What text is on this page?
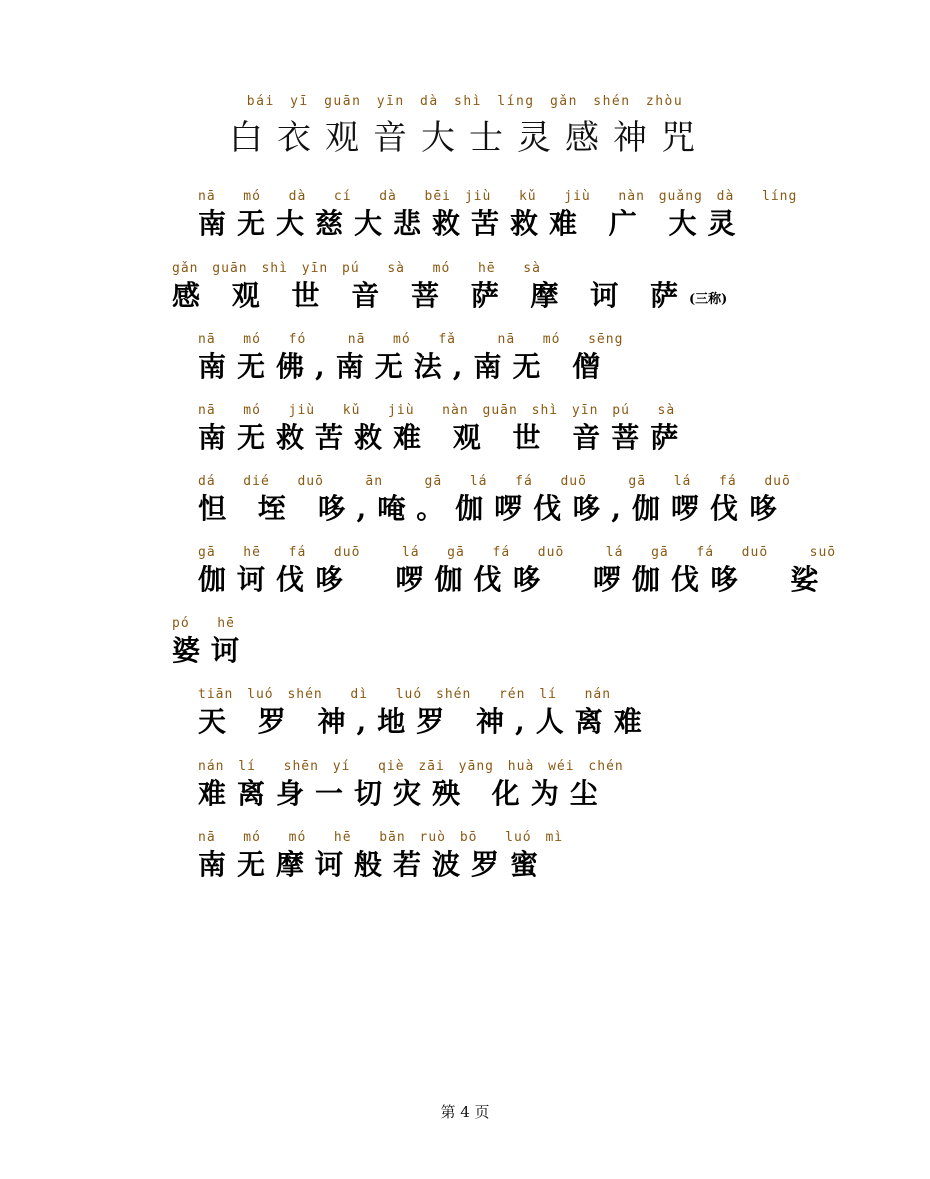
bái yī guān yīn dà shì líng gǎn shén zhòu
白衣观音大士灵感神咒
nā  mó  dà  cí  dà  bēi jiù  kǔ  jiù  nàn guǎng dà  líng
南无大慈大悲救苦救难 广 大灵
gǎn guān shì yīn pú  sà  mó  hē  sà
感 观 世 音 菩 萨 摩 诃 萨(三称)
nā  mó  fó   nā  mó  fǎ   nā  mó  sēng
南无佛,南无法,南无 僧
nā  mó  jiù  kǔ  jiù  nàn guān shì yīn pú  sà
南无救苦救难 观 世 音菩萨
dá  dié  duō   ān   gā  lá  fá  duō   gā  lá  fá  duō
怛 垤 哆,唵。伽啰伐哆,伽啰伐哆
gā  hē  fá  duō   lá  gā  fá  duō   lá  gā  fá  duō   suō
伽诃伐哆  啰伽伐哆  啰伽伐哆  娑
pó  hē
婆诃
tiān luó shén  dì  luó shén  rén lí  nán
天 罗 神,地罗 神,人离难
nán lí  shēn yí  qiè zāi yāng huà wéi chén
难离身一切灾殃 化为尘
nā  mó  mó  hē  bān ruò bō  luó mì
南无摩诃般若波罗蜜
第 4 页
